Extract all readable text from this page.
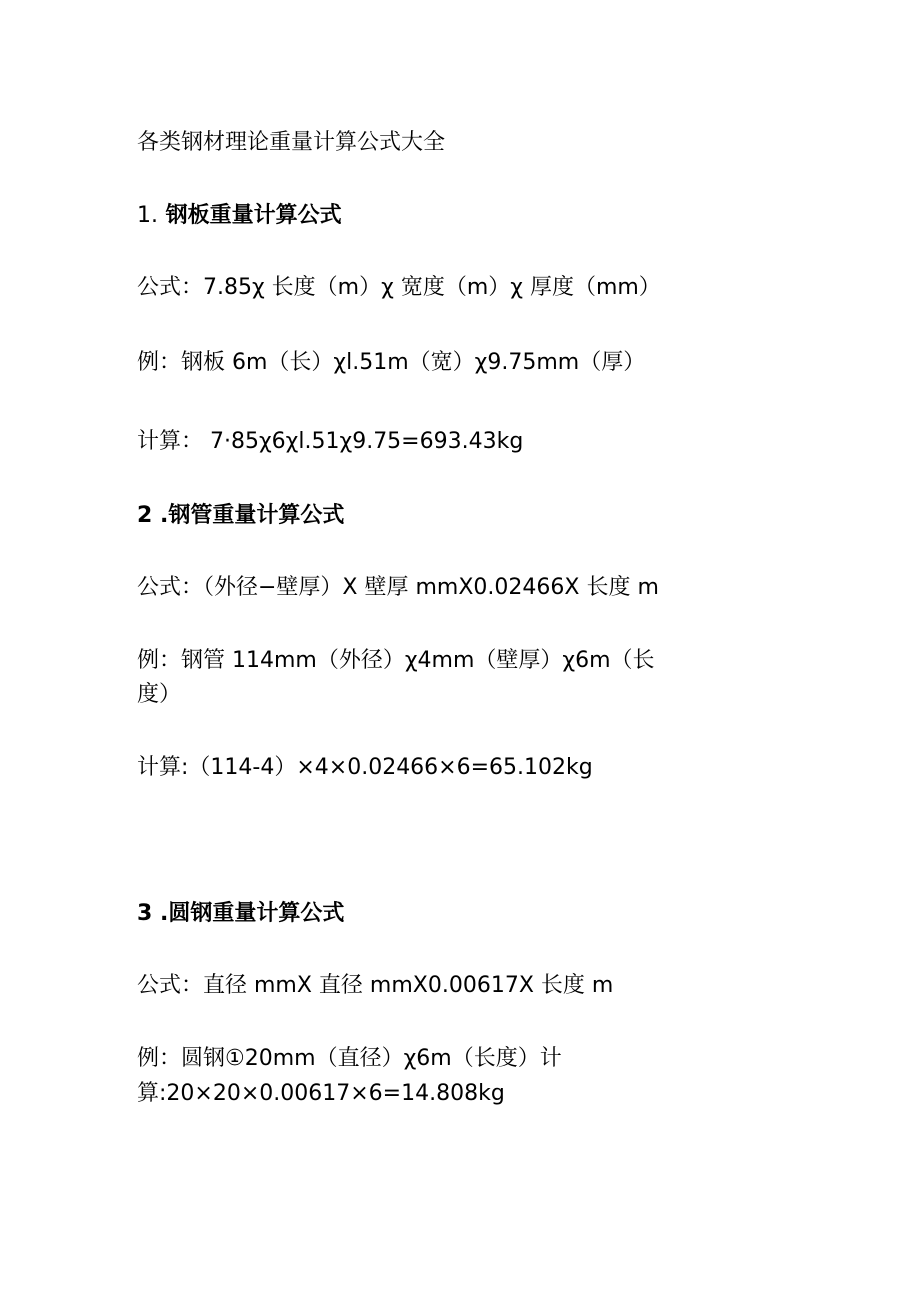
各类钢材理论重量计算公式大全
1. 钢板重量计算公式
公式：7.85χ 长度（m）χ 宽度（m）χ 厚度（mm）
例：钢板 6m（长）χl.51m（宽）χ9.75mm（厚）
计算： 7·85χ6χl.51χ9.75=693.43kg
2 .钢管重量计算公式
公式：（外径−壁厚）X 壁厚 mmX0.02466X 长度 m
例：钢管 114mm（外径）χ4mm（壁厚）χ6m（长
度）
计算:（114-4）×4×0.02466×6=65.102kg
3 .圆钢重量计算公式
公式：直径 mmX 直径 mmX0.00617X 长度 m
例：圆钢①20mm（直径）χ6m（长度）计
算:20×20×0.00617×6=14.808kg
